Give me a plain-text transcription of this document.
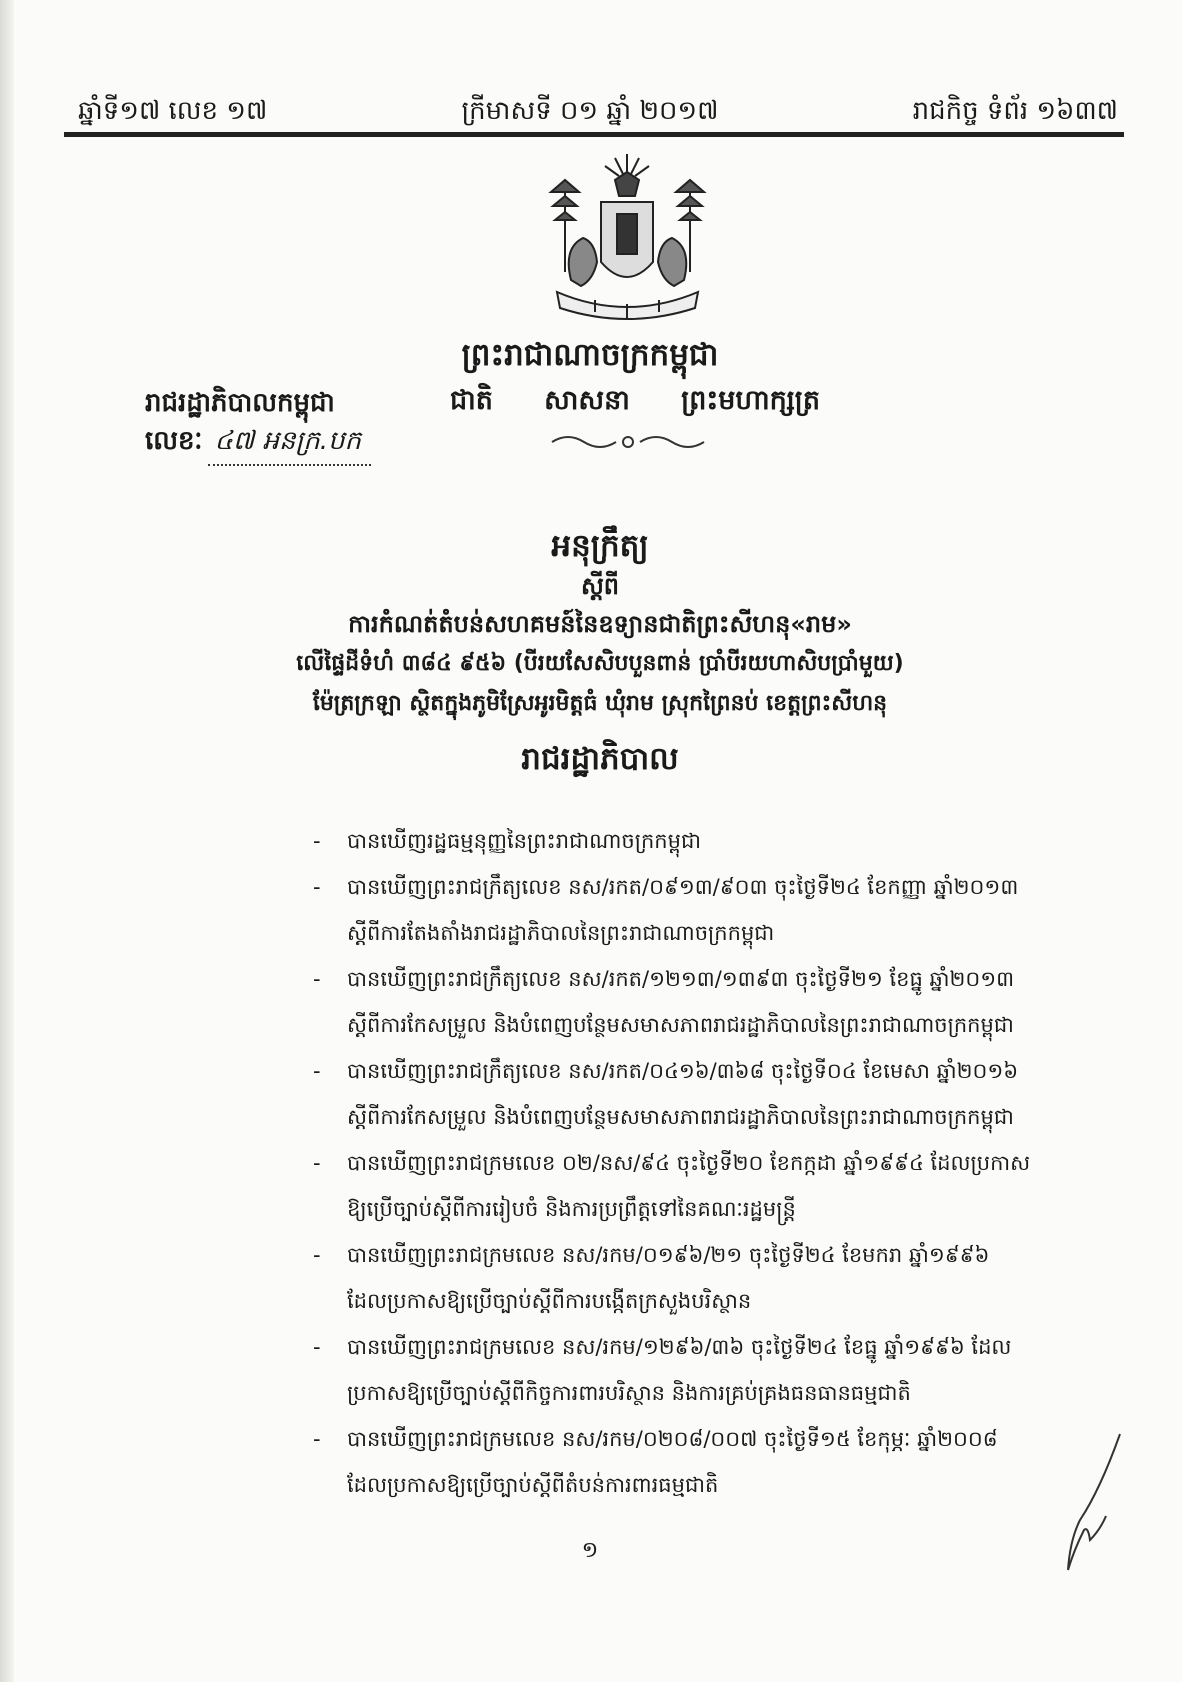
ឆ្នាំទី១៧ លេខ ១៧	ក្រីមាសទី ០១ ឆ្នាំ ២០១៧	រាជកិច្ច ទំព័រ ១៦៣៧
ព្រះរាជាណាចក្រកម្ពុជា
ជាតិ សាសនា ព្រះមហាក្សត្រ
រាជរដ្ឋាភិបាលកម្ពុជា
លេខៈ ៤៧ អនក្រ.បក
អនុក្រឹត្យ
ស្ដីពី
ការកំណត់តំបន់សហគមន៍នៃឧទ្យានជាតិព្រះសីហនុ«រាម»
លើផ្ទៃដីទំហំ ៣៨៤ ៩៥៦ (បីរយសែសិបបួនពាន់ ប្រាំបីរយហាសិបប្រាំមួយ)
ម៉ែត្រក្រឡា ស្ថិតក្នុងភូមិស្រែអូរមិត្តធំ ឃុំរាម ស្រុកព្រៃនប់ ខេត្តព្រះសីហនុ
រាជរដ្ឋាភិបាល
- បានឃើញរដ្ឋធម្មនុញ្ញនៃព្រះរាជាណាចក្រកម្ពុជា
- បានឃើញព្រះរាជក្រឹត្យលេខ នស/រកត/០៩១៣/៩០៣ ចុះថ្ងៃទី២៤ ខែកញ្ញា ឆ្នាំ២០១៣
ស្ដីពីការតែងតាំងរាជរដ្ឋាភិបាលនៃព្រះរាជាណាចក្រកម្ពុជា
- បានឃើញព្រះរាជក្រឹត្យលេខ នស/រកត/១២១៣/១៣៩៣ ចុះថ្ងៃទី២១ ខែធ្នូ ឆ្នាំ២០១៣
ស្ដីពីការកែសម្រួល និងបំពេញបន្ថែមសមាសភាពរាជរដ្ឋាភិបាលនៃព្រះរាជាណាចក្រកម្ពុជា
- បានឃើញព្រះរាជក្រឹត្យលេខ នស/រកត/០៤១៦/៣៦៨ ចុះថ្ងៃទី០៤ ខែមេសា ឆ្នាំ២០១៦
ស្ដីពីការកែសម្រួល និងបំពេញបន្ថែមសមាសភាពរាជរដ្ឋាភិបាលនៃព្រះរាជាណាចក្រកម្ពុជា
- បានឃើញព្រះរាជក្រមលេខ ០២/នស/៩៤ ចុះថ្ងៃទី២០ ខែកក្កដា ឆ្នាំ១៩៩៤ ដែលប្រកាស
ឱ្យប្រើច្បាប់ស្ដីពីការរៀបចំ និងការប្រព្រឹត្តទៅនៃគណៈរដ្ឋមន្ត្រី
- បានឃើញព្រះរាជក្រមលេខ នស/រកម/០១៩៦/២១ ចុះថ្ងៃទី២៤ ខែមករា ឆ្នាំ១៩៩៦
ដែលប្រកាសឱ្យប្រើច្បាប់ស្ដីពីការបង្កើតក្រសួងបរិស្ថាន
- បានឃើញព្រះរាជក្រមលេខ នស/រកម/១២៩៦/៣៦ ចុះថ្ងៃទី២៤ ខែធ្នូ ឆ្នាំ១៩៩៦ ដែល
ប្រកាសឱ្យប្រើច្បាប់ស្ដីពីកិច្ចការពារបរិស្ថាន និងការគ្រប់គ្រងធនធានធម្មជាតិ
- បានឃើញព្រះរាជក្រមលេខ នស/រកម/០២០៨/០០៧ ចុះថ្ងៃទី១៥ ខែកុម្ភៈ ឆ្នាំ២០០៨
ដែលប្រកាសឱ្យប្រើច្បាប់ស្ដីពីតំបន់ការពារធម្មជាតិ
១
